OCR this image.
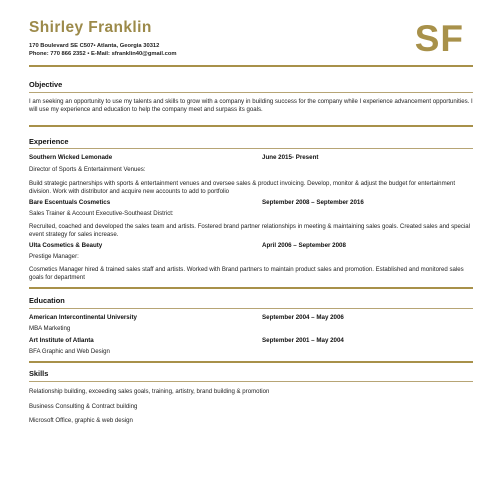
Shirley Franklin
170 Boulevard SE C507• Atlanta, Georgia 30312
Phone: 770 866 2352 • E-Mail: sfranklin40@gmail.com	SF
Objective
I am seeking an opportunity to use my talents and skills to grow with a company in building success for the company while I experience advancement opportunities. I will use my experience and education to help the company meet and surpass its goals.
Experience
Southern Wicked Lemonade	June 2015- Present
Director of Sports & Entertainment Venues:
Build strategic partnerships with sports & entertainment venues and oversee sales & product invoicing. Develop, monitor & adjust the budget for entertainment division. Work with distributor and acquire new accounts to add to portfolio
Bare Escentuals Cosmetics	September 2008 – September 2016
Sales Trainer & Account Executive-Southeast District:
Recruited, coached and developed the sales team and artists. Fostered brand partner relationships in meeting & maintaining sales goals. Created sales and special event strategy for sales increase.
Ulta Cosmetics & Beauty	April 2006 – September 2008
Prestige Manager:
Cosmetics Manager hired & trained sales staff and artists. Worked with Brand partners to maintain product sales and promotion. Established and monitored sales goals for department
Education
American Intercontinental University	September 2004 – May 2006
MBA Marketing
Art Institute of Atlanta	September 2001 – May 2004
BFA Graphic and Web Design
Skills
Relationship building, exceeding sales goals, training, artistry, brand building & promotion
Business Consulting & Contract building
Microsoft Office, graphic & web design
